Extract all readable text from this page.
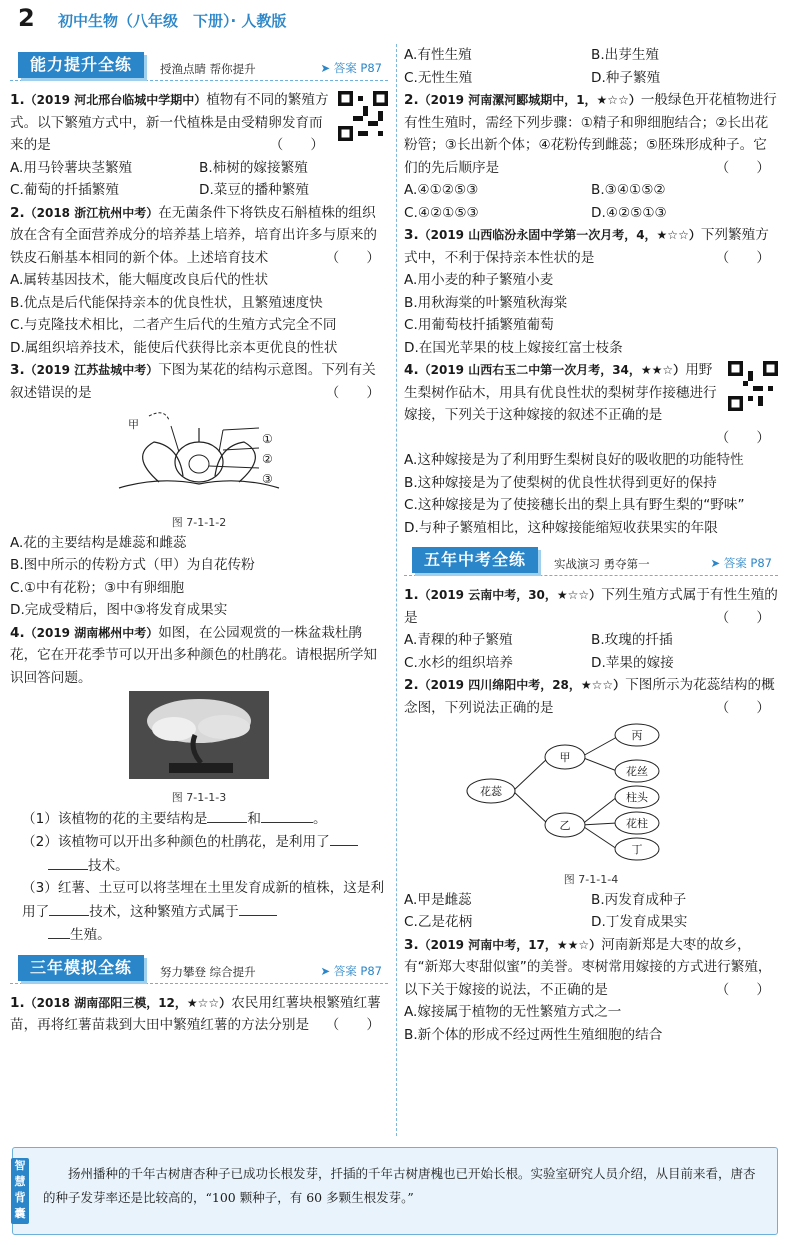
2 初中生物（八年级　下册）· 人教版
能力提升全练	授渔点睛 帮你提升	➤ 答案 P87
1.（2019 河北邢台临城中学期中）植物有不同的繁殖方式。以下繁殖方式中，新一代植株是由受精卵发育而来的是	（　　）
A.用马铃薯块茎繁殖	B.柿树的嫁接繁殖
C.葡萄的扦插繁殖	D.菜豆的播种繁殖
2.（2018 浙江杭州中考）在无菌条件下将铁皮石斛植株的组织放在含有全面营养成分的培养基上培养，培育出许多与原来的铁皮石斛基本相同的新个体。上述培育技术	（　　）
A.属转基因技术，能大幅度改良后代的性状
B.优点是后代能保持亲本的优良性状，且繁殖速度快
C.与克隆技术相比，二者产生后代的生殖方式完全不同
D.属组织培养技术，能使后代获得比亲本更优良的性状
3.（2019 江苏盐城中考）下图为某花的结构示意图。下列有关叙述错误的是	（　　）
甲
①
②
③
图 7-1-1-2
A.花的主要结构是雄蕊和雌蕊
B.图中所示的传粉方式（甲）为自花传粉
C.①中有花粉；③中有卵细胞
D.完成受精后，图中③将发育成果实
4.（2019 湖南郴州中考）如图，在公园观赏的一株盆栽杜鹃花，它在开花季节可以开出多种颜色的杜鹃花。请根据所学知识回答问题。
图 7-1-1-3
（1）该植物的花的主要结构是	和	。
（2）该植物可以开出多种颜色的杜鹃花，是利用了
技术。
（3）红薯、土豆可以将茎埋在土里发育成新的植株，这是利用了	技术，这种繁殖方式属于
生殖。
三年模拟全练	努力攀登 综合提升	➤ 答案 P87
1.（2018 湖南邵阳三模，12，★☆☆）农民用红薯块根繁殖红薯苗，再将红薯苗栽到大田中繁殖红薯的方法分别是 （　　）
A.有性生殖	B.出芽生殖
C.无性生殖	D.种子繁殖
2.（2019 河南漯河郾城期中，1，★☆☆）一般绿色开花植物进行有性生殖时，需经下列步骤：①精子和卵细胞结合；②长出花粉管；③长出新个体；④花粉传到雌蕊；⑤胚珠形成种子。它们的先后顺序是	（　　）
A.④①②⑤③	B.③④①⑤②
C.④②①⑤③	D.④②⑤①③
3.（2019 山西临汾永固中学第一次月考，4，★☆☆）下列繁殖方式中，不利于保持亲本性状的是	（　　）
A.用小麦的种子繁殖小麦
B.用秋海棠的叶繁殖秋海棠
C.用葡萄枝扦插繁殖葡萄
D.在国光苹果的枝上嫁接红富士枝条
4.（2019 山西右玉二中第一次月考，34，★★☆）用野生梨树作砧木，用具有优良性状的梨树芽作接穗进行嫁接，下列关于这种嫁接的叙述不正确的是
（　　）
A.这种嫁接是为了利用野生梨树良好的吸收肥的功能特性
B.这种嫁接是为了使梨树的优良性状得到更好的保持
C.这种嫁接是为了使接穗长出的梨上具有野生梨的“野味”
D.与种子繁殖相比，这种嫁接能缩短收获果实的年限
五年中考全练	实战演习 勇夺第一	➤ 答案 P87
1.（2019 云南中考，30，★☆☆）下列生殖方式属于有性生殖的是	（　　）
A.青稞的种子繁殖	B.玫瑰的扦插
C.水杉的组织培养	D.苹果的嫁接
2.（2019 四川绵阳中考，28，★☆☆）下图所示为花蕊结构的概念图，下列说法正确的是	（　　）
花蕊
甲
乙
丙
花丝
柱头
花柱
丁
图 7-1-1-4
A.甲是雌蕊	B.丙发育成种子
C.乙是花柄	D.丁发育成果实
3.（2019 河南中考，17，★★☆）河南新郑是大枣的故乡，有“新郑大枣甜似蜜”的美誉。枣树常用嫁接的方式进行繁殖，以下关于嫁接的说法，不正确的是	（　　）
A.嫁接属于植物的无性繁殖方式之一
B.新个体的形成不经过两性生殖细胞的结合
智慧背囊
扬州播种的千年古树唐杏种子已成功长根发芽，扦插的千年古树唐槐也已开始长根。实验室研究人员介绍，从目前来看，唐杏的种子发芽率还是比较高的，“100 颗种子，有 60 多颗生根发芽。”
